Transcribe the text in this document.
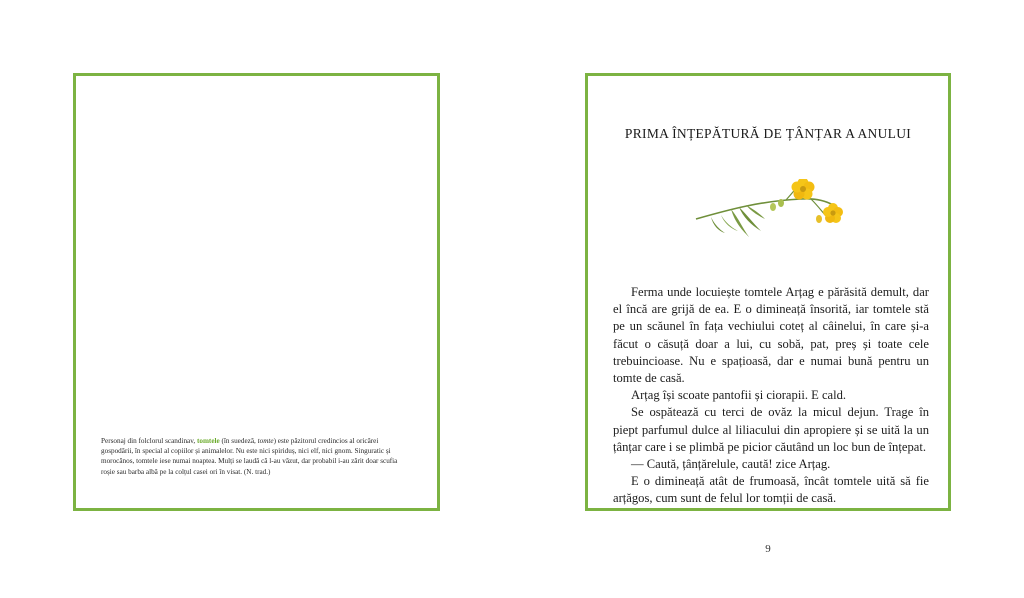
Personaj din folclorul scandinav, tomtele (în suedeză, tomte) este păzitorul credincios al oricărei gospodării, în special al copiilor și animalelor. Nu este nici spiriduș, nici elf, nici gnom. Singuratic și morocănos, tomtele iese numai noaptea. Mulți se laudă că l-au văzut, dar probabil i-au zărit doar scufia roșie sau barba albă pe la colțul casei ori în visat. (N. trad.)
PRIMA ÎNȚEPĂTURĂ DE ȚÂNȚAR A ANULUI

Ferma unde locuiește tomtele Arțag e părăsită demult, dar el încă are grijă de ea. E o dimineață însorită, iar tomtele stă pe un scăunel în fața vechiului coteț al câinelui, în care și-a făcut o căsuță doar a lui, cu sobă, pat, preș și toate cele trebuincioase. Nu e spațioasă, dar e numai bună pentru un tomte de casă.

Arțag își scoate pantofii și ciorapii. E cald.

Se ospătează cu terci de ovăz la micul dejun. Trage în piept parfumul dulce al liliacului din apropiere și se uită la un țânțar care i se plimbă pe picior căutând un loc bun de înțepat.

— Caută, țânțărelule, caută! zice Arțag.

E o dimineață atât de frumoasă, încât tomtele uită să fie arțăgos, cum sunt de felul lor tomții de casă.

9
